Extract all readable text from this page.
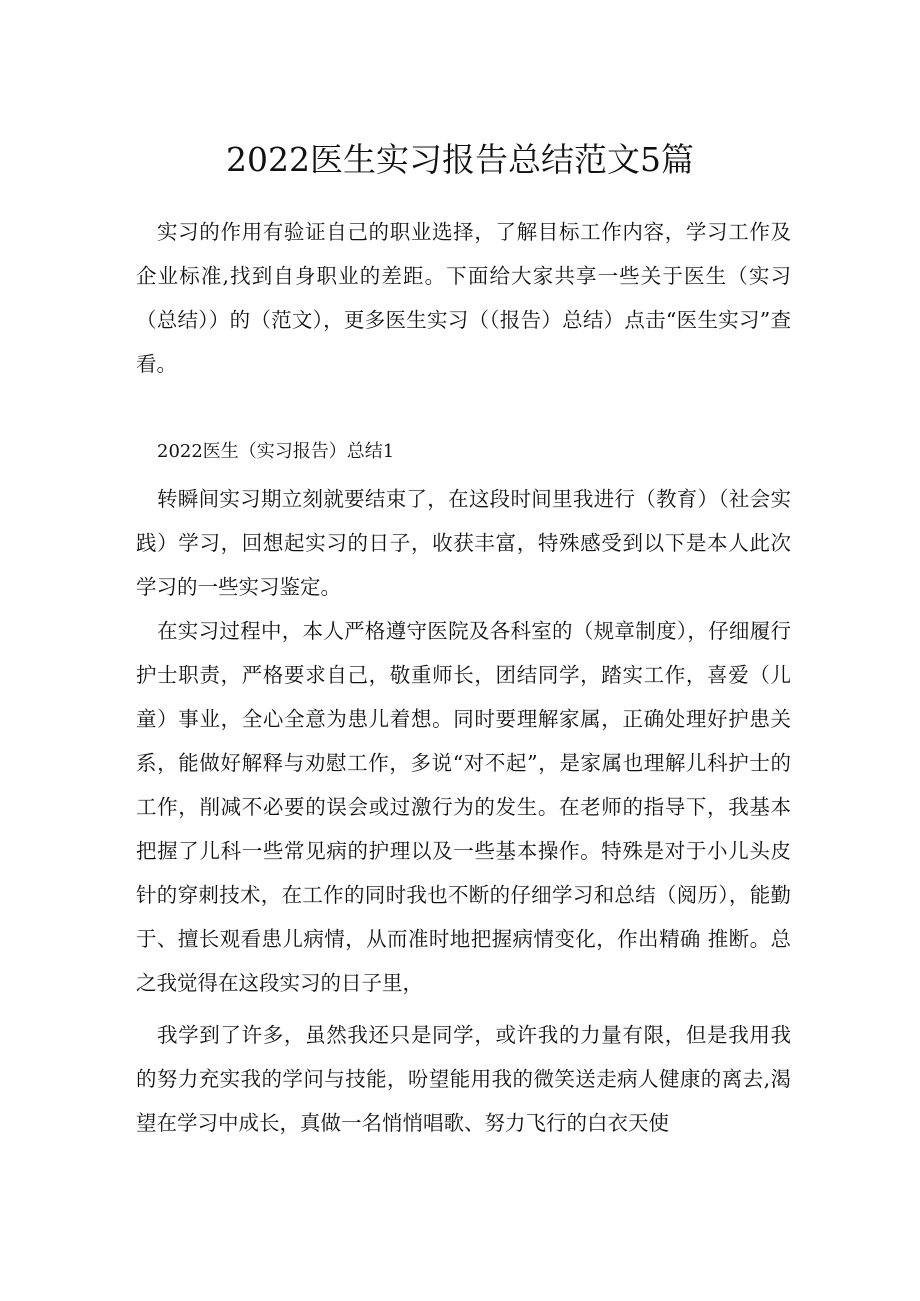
2022医生实习报告总结范文5篇

实习的作用有验证自己的职业选择，了解目标工作内容，学习工作及企业标准,找到自身职业的差距。下面给大家共享一些关于医生（实习（总结））的（范文），更多医生实习（（报告）总结）点击“医生实习”查看。

2022医生（实习报告）总结1

转瞬间实习期立刻就要结束了，在这段时间里我进行（教育）（社会实践）学习，回想起实习的日子，收获丰富，特殊感受到以下是本人此次学习的一些实习鉴定。

在实习过程中，本人严格遵守医院及各科室的（规章制度），仔细履行护士职责，严格要求自己，敬重师长，团结同学，踏实工作，喜爱（儿童）事业，全心全意为患儿着想。同时要理解家属，正确处理好护患关系，能做好解释与劝慰工作，多说“对不起”，是家属也理解儿科护士的工作，削减不必要的误会或过激行为的发生。在老师的指导下，我基本把握了儿科一些常见病的护理以及一些基本操作。特殊是对于小儿头皮针的穿刺技术，在工作的同时我也不断的仔细学习和总结（阅历），能勤于、擅长观看患儿病情，从而准时地把握病情变化，作出精确 推断。总之我觉得在这段实习的日子里，

我学到了许多，虽然我还只是同学，或许我的力量有限，但是我用我的努力充实我的学问与技能，吩望能用我的微笑送走病人健康的离去,渴望在学习中成长，真做一名悄悄唱歌、努力飞行的白衣天使
